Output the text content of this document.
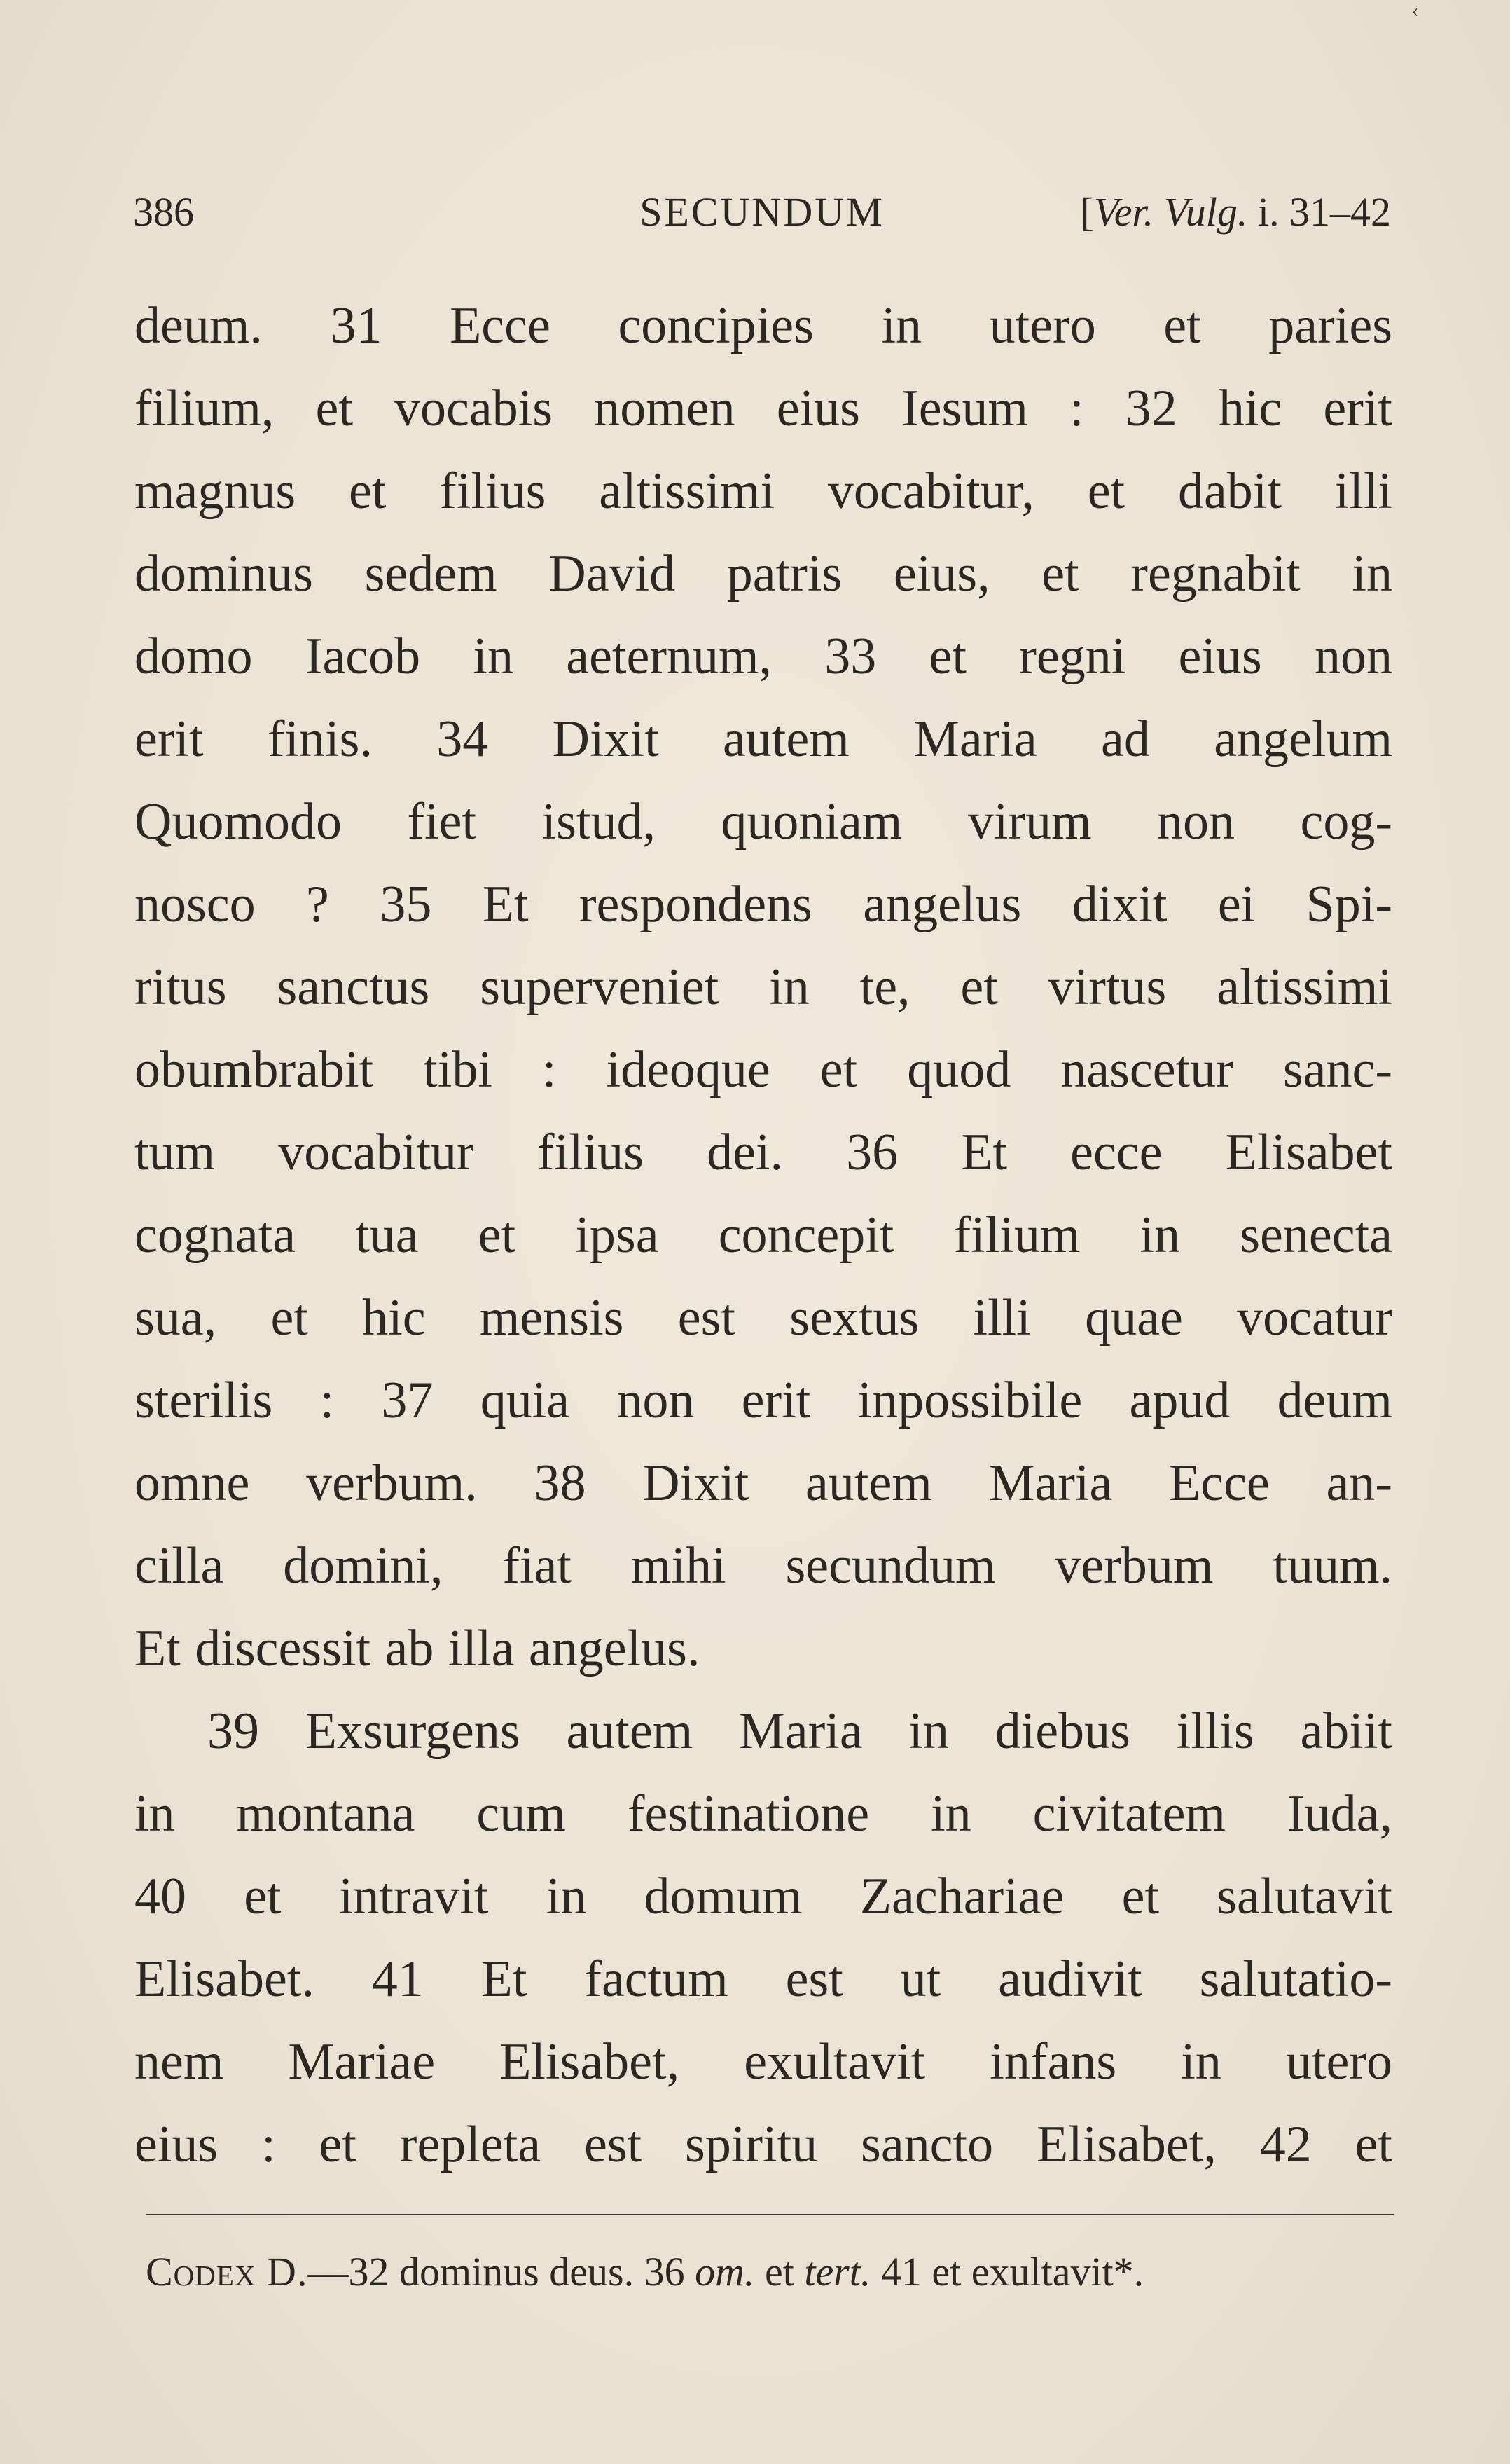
‹
386	SECUNDUM	[Ver. Vulg. i. 31–42
deum. 31 Ecce concipies in utero et paries
filium, et vocabis nomen eius Iesum : 32 hic erit
magnus et filius altissimi vocabitur, et dabit illi
dominus sedem David patris eius, et regnabit in
domo Iacob in aeternum, 33 et regni eius non
erit finis. 34 Dixit autem Maria ad angelum
Quomodo fiet istud, quoniam virum non cog-
nosco ? 35 Et respondens angelus dixit ei Spi-
ritus sanctus superveniet in te, et virtus altissimi
obumbrabit tibi : ideoque et quod nascetur sanc-
tum vocabitur filius dei. 36 Et ecce Elisabet
cognata tua et ipsa concepit filium in senecta
sua, et hic mensis est sextus illi quae vocatur
sterilis : 37 quia non erit inpossibile apud deum
omne verbum. 38 Dixit autem Maria Ecce an-
cilla domini, fiat mihi secundum verbum tuum.
Et discessit ab illa angelus.
39 Exsurgens autem Maria in diebus illis abiit
in montana cum festinatione in civitatem Iuda,
40 et intravit in domum Zachariae et salutavit
Elisabet. 41 Et factum est ut audivit salutatio-
nem Mariae Elisabet, exultavit infans in utero
eius : et repleta est spiritu sancto Elisabet, 42 et
Codex D.—32 dominus deus. 36 om. et tert. 41 et exultavit*.
